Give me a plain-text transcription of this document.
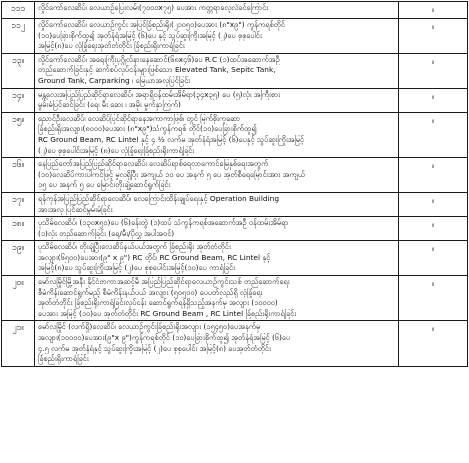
၁၁၁	လှိုင်ကော်လေဆိပ်၊ လေယာဉ်ပြေးလမ်း(၇၀၀၀x၇၅) ပေအား ကတ္တရာလေ့လဲခင်ကြောင်း	။
၁၁၂	လှိုင်ကော်လေဆိပ်၊ လေယာဉ်ကွင်း အပြင်ခြံစည်းရိုး(၂၁၀၅၀)ပေအား (၈"x၉") ကွန်ကရစ်တိုင်
(၁၀)ပေခြားစိုက်ထူ၍ အုတ်နံရံအမြင့် (၆)ပေ နှင့် သွပ်ဆူးကြိုးအမြင့် (၂)ပေ စုစုပေါင်း
အမြင့်(၈)ပေ လုံခြုံရေးအုတ်တံတိုင်း ခြံစည်းရိုးကာရံခြင်း	။
၁၃။	လှိုင်ကော်လေဆိပ်၊ အရေးကြီးပုဂ္ဂိုလ်နားနေဆောင်(၆၈x၄၆)ပေ R.C (၁)ထပ်အဆောက်အဦ
တည်ဆောက်ခြင်းနှင့် ဆက်စပ်လုပ်ငန်းများဖြစ်သော Elevated Tank, Sepitc Tank,
Ground Tank, Carparking ၊ မြေယာအလှပြင်ခြင်း	။
၁၄။	မန္တလေးအပြည်ပြည်ဆိုင်ရာလေဆိပ်၊ အရာရှိ၀န်ထမ်းအိမ်ရာ(၃၄x၃၅) ပေ (၅)လုံး အကြီးစား
မွမ်းမံပြင်ဆင်ခြင်း (ရေ၊ မီး ဆေး ၊ အမိုး မှုက်နှာကြက်)	။
၁၅။	ညောင်ဦးလေဆိပ်၊ လေဆိပ်ပြင်ဆိုင်ရာနေအကာကာဖြစ်၊ တွင် မြက်စိုးကူဆော
ခြံစည်းရိုးအလျား(၈၀၀၀)ပေအား (၈"x၉")သံကွန်ကရစ် တိုင်(၁၀)ပေခြားစိုက်ထူ၍
RC Ground Beam, RC Lintel နှင့် ၄ ½ လက်မ အုတ်နံရံအမြင့် (၆)ပေနှင့် သွပ်ဆူးကြိုးအမြင့်
(၂)ပေ စုစုပေါင်းအမြင့် (၈)ပေ လုံခြုံရေးခြံစည်းရိုးကာရံခြင်း	။
၁၆။	နေပြည်တော်အပြည်ပြည်ဆိုင်ရာလေဆိပ်၊ လေဆိပ်ရာစ်ရေလာကောင်မြေနှစ်ရေးအတွက်
(၁၀)လေဆိပ်ကားပါကင်ဖြင့် မူလရှိပြီး အကျယ် ၁၀ ပေ အနက် ၅ ပေ အုတ်စီရေမြောင်းအား အကျယ်
၁၅ ပေ အနက် ၅ ပေ မြောင်းတိုးချဲ့ဆောင်ရွက်ခြင်း	။
၁၇။	ရန်ကုန်အပြည်ပြည်ဆိုင်ရာလေဆိပ်၊ လေကြောင်းထိန်းချုပ်ရေးနှင့် Operation Building
အားအလှ ပြင်ဆင်မွမ်းမံခြင်း	။
၁၈။	ပုသိမ်လေဆိပ်၊ (၁၃၀x၅၀)ပေ (၆)ခန်းတွဲ (၁)ထပ် သံကွန်ကရစ်အဆောက်အဦ ၀န်ထမ်းအိမ်ရာ
(၁)လုံး တည်ဆောက်ခြင်း (ရေ/မီး/ပိုလွှ အပါအဝင်)	။
၁၉။	ပုသိမ်လေဆိပ်၊ တိုးချဲ့ပြီးလေဆိပ်နယ်ပယ်အတွက် ခြံစည်းရိုး အုတ်တံတိုင်း
အလျား(၆၅၀၀)ပေအား(၉" x ၉") RC တိုင်၊ RC Ground Beam, RC Lintel နှင့်
အမြင့်(၈)ပေ သွပ်ဆူးကြိုးအမြင့် (၂)ပေ စုစုပေါင်းအမြင့်(၁၀)ပေ ကာရံခြင်း	။
၂၀။	မော်လမြိုင်မြို့အနီး နိုင်ငံတကာအဆင့်မီ အပြည်ပြည်ဆိုင်ရာလေယာဉ်ကွင်းသစ် တည်ဆောက်ရေး
စီမံကိန်းဆောင်ရွက်မည့် စီမံကိန်းနယ်ပယ် အလျား (၅၀၅၀၀) ပေပတ်လည်ရှိ လုံခြုံရေး
အုတ်တံတိုင်း ခြံစည်းရိုးကာရံခြင်းလုပ်ငန်း ဆောင်ရွက်ရန်ရှိသည့်အနက်မှ အလျား (၁၀၀၀၀)
ပေအား အမြင့် (၁၀)ပေ အုတ်တံတိုင်း RC Ground Beam , RC Lintel ခြံစည်းရိုးကာရံခြင်း	။
၂၁။	မော်လမြိုင် (လက်ရှိ)လေဆိပ်၊ လေယာဉ်ကွင်းခြံစည်းရိုးအလျား (၁၅၄၅၀)ပေအနက်မှ
အလျား(၁၀၀၀၀)ပေအား(၉"x ၉")ကွန်ကရစ်တိုင် (၁၀)ပေခြားစိုက်ထူ၍ အုတ်နံရံအမြင့် (၆)ပေ
၄.၅ လက်မ အုတ်နံရံနှင့် သွပ်ဆူးကြိုးအမြင့် (၂)ပေ စုစုပေါင်း အမြင့်(၈) ပေအုတ်တံတိုင်း
ခြံစည်းရိုးကာရံခြင်း	။
